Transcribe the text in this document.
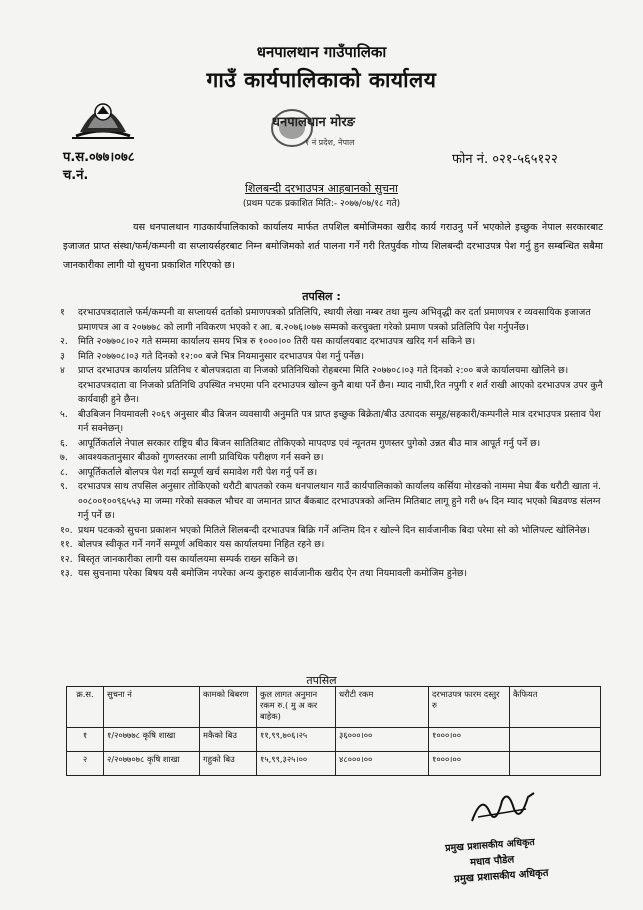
धनपालथान गाउँपालिका
गाउँ कार्यपालिकाको कार्यालय
धनपालथान मोरङ
१ नं प्रदेश, नेपाल
प.स.०७७।०७८
च.नं.
फोन नं. ०२१-५६५१२२
शिलबन्दी दरभाउपत्र आहबानको सुचना
(प्रथम पटक प्रकाशित मिति:- २०७७/०७/१८ गते)
यस धनपालथान गाउकार्यपालिकाको कार्यालय मार्फत तपशिल बमोजिमका खरीद कार्य गराउनु पर्ने भएकोले इच्छुक नेपाल सरकारबाट इजाजत प्राप्त संस्था/फर्म/कम्पनी वा सप्लायर्सहरबाट निम्न बमोजिमको शर्त पालना गर्ने गरी रितपुर्वक गोप्य शिलबन्दी दरभाउपत्र पेश गर्नु हुन सम्बन्धित सबैमा जानकारीका लागी यो सुचना प्रकाशित गरिएको छ।
तपसिल :
१	दरभाउपत्रदाताले फर्म/कम्पनी वा सप्लायर्स दर्ताको प्रमाणपत्रको प्रतिलिपि, स्थायी लेखा नम्बर तथा मुल्य अभिवृद्धी कर दर्ता प्रमाणपत्र र व्यवसायिक इजाजत प्रमाणपत्र आ व २०७७७८ को लागी नविकरण भएको र आ. ब.२०७६।०७७ सम्मको करचुक्ता गरेको प्रमाण पत्रको प्रतिलिपि पेश गर्नुपर्नेछ।
२.	मिति २०७७०८।०२ गते सम्ममा कार्यालय समय भित्र रु १०००।०० तिरी यस कार्यालयबाट दरभाउपत्र खरिद गर्न सकिने छ।
३	मिति २०७७०८।०३ गते दिनको १२:०० बजे भित्र नियमानुसार दरभाउपत्र पेश गर्नु पर्नेछ।
४	प्राप्त दरभाउपत्र कार्यालय प्रतिनिध र बोलपत्रदाता वा निजको प्रतिनिधिको रोहबरमा मिति २०७७०८।०३ गते दिनको २:०० बजे कार्यालयमा खोलिने छ। दरभाउपत्रदाता वा निजको प्रतिनिधि उपस्थित नभएमा पनि दरभाउपत्र खोल्न कुनै बाधा पर्ने छैन। म्याद नाघी,रित नपुगी र शर्त राखी आएको दरभाउपत्र उपर कुनै कार्यवाही हुने छैन।
५.	बीउबिजन नियमावली २०६९ अनुसार बीउ बिजन व्यवसायी अनुमति पत्र प्राप्त इच्छुक बिक्रेता/बीउ उत्पादक समूह/सहकारी/कम्पनीले मात्र दरभाउपत्र प्रस्ताव पेश गर्न सक्नेछन्।
६.	आपूर्तिकर्ताले नेपाल सरकार राष्ट्रिय बीउ बिजन सातितिबाट तोकिएको मापदण्ड एवं न्यूनतम गुणस्तर पुगेको उन्नत बीउ मात्र आपूर्त गर्नु पर्ने छ।
७.	आवश्यकतानुसार बीउको गुणस्तरका लागी प्राविधिक परीक्षण गर्न सक्ने छ।
८.	आपूर्तिकर्ताले बोलपत्र पेश गर्दा सम्पूर्ण खर्च समावेश गरी पेश गर्नु पर्ने छ।
९.	दरभाउपत्र साथ तपसिल अनुसार तोकिएको धरौटी बापतको रकम धनपालथान गाउँ कार्यपालिकाको कार्यालय कर्सिया मोरङको नाममा मेघा बैंक धरौटी खाता नं. ००८००१००९६५५३ मा जम्मा गरेको सक्कल भौचर वा जमानत प्राप्त बैंकबाट दरभाउपत्रको अन्तिम मितिबाट लागू हुने गरी ७५ दिन म्याद भएको बिडवण्ड संलग्न गर्नु पर्ने छ।
१०. प्रथम पटकको सुचना प्रकाशन भएको मितिले शिलबन्दी दरभाउपत्र बिक्रि गर्ने अन्तिम दिन र खोल्ने दिन सार्वजानीक बिदा परेमा सो को भोलिपल्ट खोलिनेछ।
११. बोलपत्र स्वीकृत गर्ने नगर्ने सम्पूर्ण अधिकार यस कार्यालयमा निहित रहने छ।
१२. बिस्तृत जानकारीका लागी यस कार्यालयमा सम्पर्क राख्न सकिने छ।
१३. यस सुचनामा परेका बिषय यसै बमोजिम नपरेका अन्य कुराहरु सार्वजानीक खरीद ऐन तथा नियमावली कमोजिम हुनेछ।
तपसिल
क्र.स.	सुचना नं	कामको बिबरण	कुल लागत अनुमान रकम रु.( मु अ कर बाहेक)	धरौटी रकम	दरभाउपत्र फारम दस्तुर रु	कैफियत
१	१/२०७७७८ कृषि शाखा	मकैको बिउ	११,९९,७०६।२५	३६०००।००	१०००।००	
२	२/२०७७०७८ कृषि शाखा	गहुको बिउ	१५,९९,३२५।००	४८०००।००	१०००।००	
प्रमुख प्रशासकीय अधिकृत
मधाव पौडेल
प्रमुख प्रशासकीय अधिकृत
